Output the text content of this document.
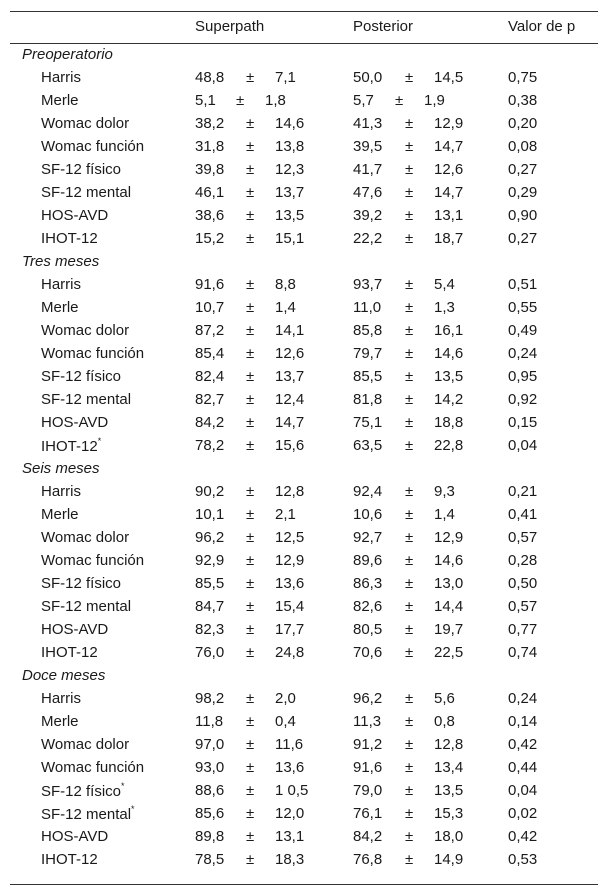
Superpath	Posterior	Valor de p
Preoperatorio
Harris	48,8 ± 7,1	50,0 ± 14,5	0,75
Merle	5,1 ± 1,8	5,7 ± 1,9	0,38
Womac dolor	38,2 ± 14,6	41,3 ± 12,9	0,20
Womac función	31,8 ± 13,8	39,5 ± 14,7	0,08
SF-12 físico	39,8 ± 12,3	41,7 ± 12,6	0,27
SF-12 mental	46,1 ± 13,7	47,6 ± 14,7	0,29
HOS-AVD	38,6 ± 13,5	39,2 ± 13,1	0,90
IHOT-12	15,2 ± 15,1	22,2 ± 18,7	0,27
Tres meses
Harris	91,6 ± 8,8	93,7 ± 5,4	0,51
Merle	10,7 ± 1,4	11,0 ± 1,3	0,55
Womac dolor	87,2 ± 14,1	85,8 ± 16,1	0,49
Womac función	85,4 ± 12,6	79,7 ± 14,6	0,24
SF-12 físico	82,4 ± 13,7	85,5 ± 13,5	0,95
SF-12 mental	82,7 ± 12,4	81,8 ± 14,2	0,92
HOS-AVD	84,2 ± 14,7	75,1 ± 18,8	0,15
IHOT-12*	78,2 ± 15,6	63,5 ± 22,8	0,04
Seis meses
Harris	90,2 ± 12,8	92,4 ± 9,3	0,21
Merle	10,1 ± 2,1	10,6 ± 1,4	0,41
Womac dolor	96,2 ± 12,5	92,7 ± 12,9	0,57
Womac función	92,9 ± 12,9	89,6 ± 14,6	0,28
SF-12 físico	85,5 ± 13,6	86,3 ± 13,0	0,50
SF-12 mental	84,7 ± 15,4	82,6 ± 14,4	0,57
HOS-AVD	82,3 ± 17,7	80,5 ± 19,7	0,77
IHOT-12	76,0 ± 24,8	70,6 ± 22,5	0,74
Doce meses
Harris	98,2 ± 2,0	96,2 ± 5,6	0,24
Merle	11,8 ± 0,4	11,3 ± 0,8	0,14
Womac dolor	97,0 ± 11,6	91,2 ± 12,8	0,42
Womac función	93,0 ± 13,6	91,6 ± 13,4	0,44
SF-12 físico*	88,6 ± 1 0,5	79,0 ± 13,5	0,04
SF-12 mental*	85,6 ± 12,0	76,1 ± 15,3	0,02
HOS-AVD	89,8 ± 13,1	84,2 ± 18,0	0,42
IHOT-12	78,5 ± 18,3	76,8 ± 14,9	0,53
